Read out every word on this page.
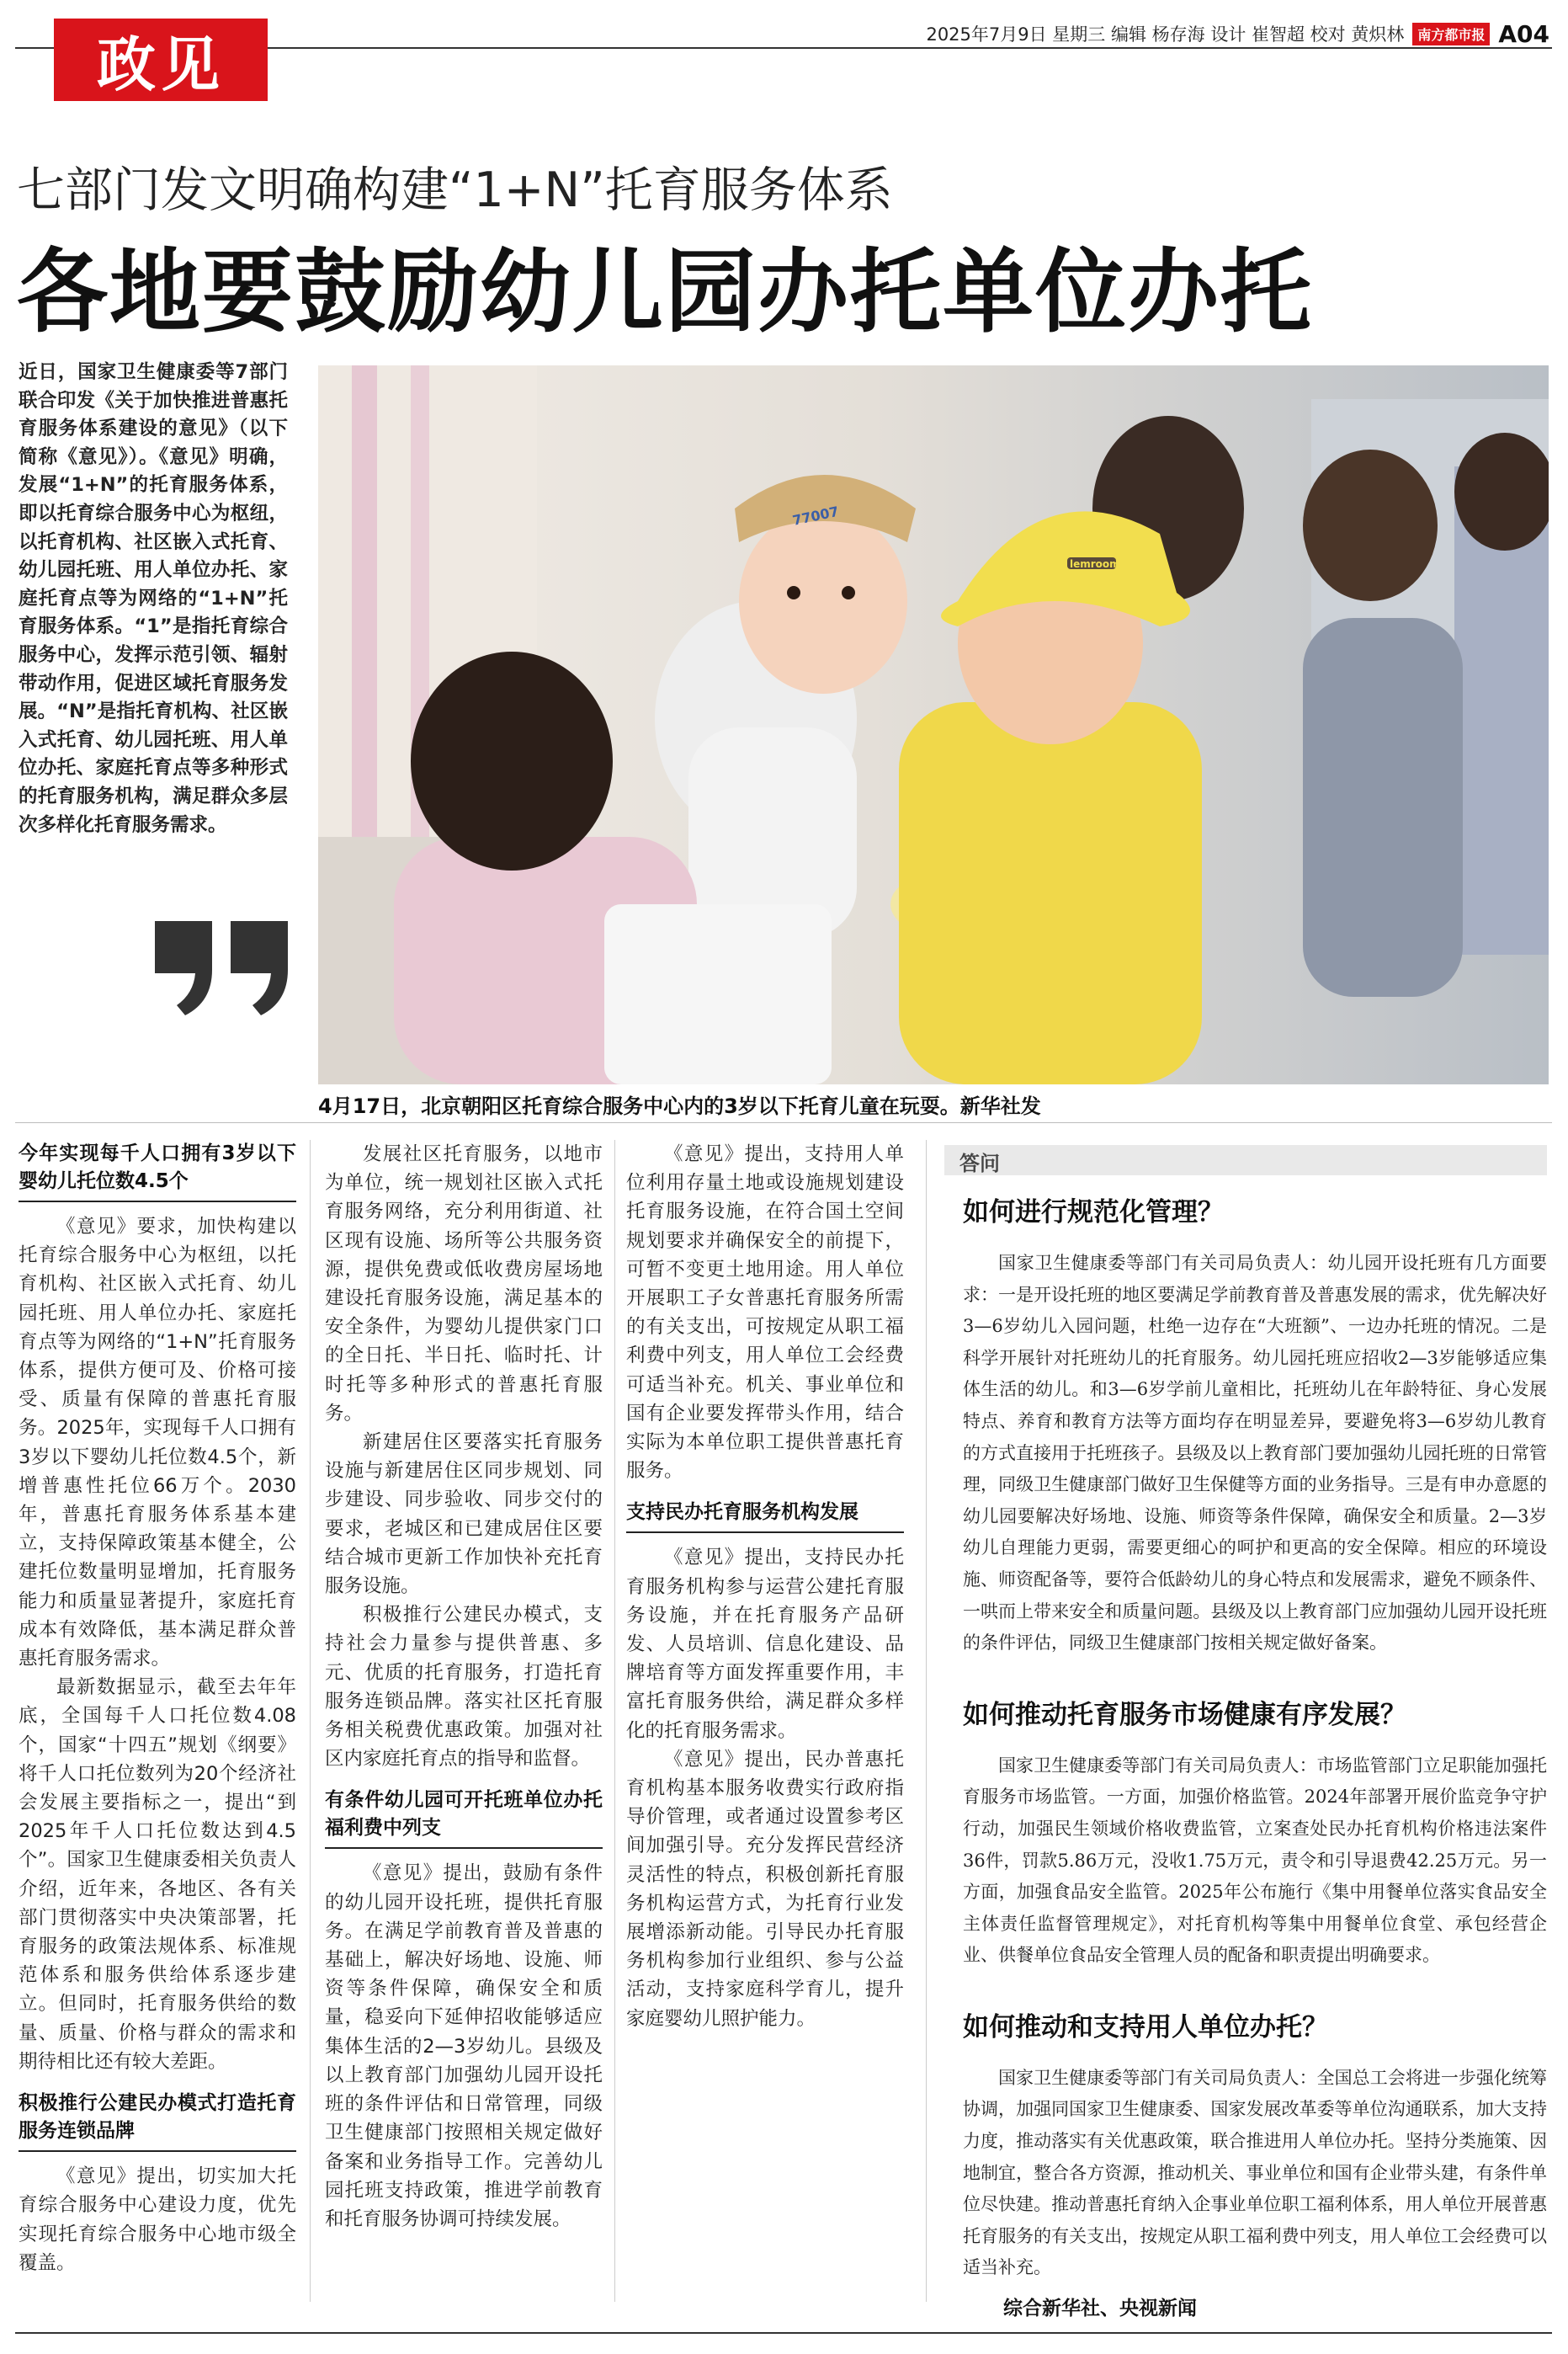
政见	2025年7月9日 星期三 编辑 杨存海 设计 崔智超 校对 黄炽林	南方都市报 A04
七部门发文明确构建“1+N”托育服务体系
各地要鼓励幼儿园办托单位办托
近日，国家卫生健康委等7部门联合印发《关于加快推进普惠托育服务体系建设的意见》（以下简称《意见》）。《意见》明确，发展“1+N”的托育服务体系，即以托育综合服务中心为枢纽，以托育机构、社区嵌入式托育、幼儿园托班、用人单位办托、家庭托育点等为网络的“1+N”托育服务体系。“1”是指托育综合服务中心，发挥示范引领、辐射带动作用，促进区域托育服务发展。“N”是指托育机构、社区嵌入式托育、幼儿园托班、用人单位办托、家庭托育点等多种形式的托育服务机构，满足群众多层次多样化托育服务需求。
77007
lemroom
4月17日，北京朝阳区托育综合服务中心内的3岁以下托育儿童在玩耍。新华社发
今年实现每千人口拥有3岁以下婴幼儿托位数4.5个

《意见》要求，加快构建以托育综合服务中心为枢纽，以托育机构、社区嵌入式托育、幼儿园托班、用人单位办托、家庭托育点等为网络的“1+N”托育服务体系，提供方便可及、价格可接受、质量有保障的普惠托育服务。2025年，实现每千人口拥有3岁以下婴幼儿托位数4.5个，新增普惠性托位66万个。2030年，普惠托育服务体系基本建立，支持保障政策基本健全，公建托位数量明显增加，托育服务能力和质量显著提升，家庭托育成本有效降低，基本满足群众普惠托育服务需求。

最新数据显示，截至去年年底，全国每千人口托位数4.08个，国家“十四五”规划《纲要》将千人口托位数列为20个经济社会发展主要指标之一，提出“到2025年千人口托位数达到4.5个”。国家卫生健康委相关负责人介绍，近年来，各地区、各有关部门贯彻落实中央决策部署，托育服务的政策法规体系、标准规范体系和服务供给体系逐步建立。但同时，托育服务供给的数量、质量、价格与群众的需求和期待相比还有较大差距。

积极推行公建民办模式打造托育服务连锁品牌

《意见》提出，切实加大托育综合服务中心建设力度，优先实现托育综合服务中心地市级全覆盖。

发展社区托育服务，以地市为单位，统一规划社区嵌入式托育服务网络，充分利用街道、社区现有设施、场所等公共服务资源，提供免费或低收费房屋场地建设托育服务设施，满足基本的安全条件，为婴幼儿提供家门口的全日托、半日托、临时托、计时托等多种形式的普惠托育服务。

新建居住区要落实托育服务设施与新建居住区同步规划、同步建设、同步验收、同步交付的要求，老城区和已建成居住区要结合城市更新工作加快补充托育服务设施。

积极推行公建民办模式，支持社会力量参与提供普惠、多元、优质的托育服务，打造托育服务连锁品牌。落实社区托育服务相关税费优惠政策。加强对社区内家庭托育点的指导和监督。

有条件幼儿园可开托班单位办托福利费中列支

《意见》提出，鼓励有条件的幼儿园开设托班，提供托育服务。在满足学前教育普及普惠的基础上，解决好场地、设施、师资等条件保障，确保安全和质量，稳妥向下延伸招收能够适应集体生活的2—3岁幼儿。县级及以上教育部门加强幼儿园开设托班的条件评估和日常管理，同级卫生健康部门按照相关规定做好备案和业务指导工作。完善幼儿园托班支持政策，推进学前教育和托育服务协调可持续发展。

《意见》提出，支持用人单位利用存量土地或设施规划建设托育服务设施，在符合国土空间规划要求并确保安全的前提下，可暂不变更土地用途。用人单位开展职工子女普惠托育服务所需的有关支出，可按规定从职工福利费中列支，用人单位工会经费可适当补充。机关、事业单位和国有企业要发挥带头作用，结合实际为本单位职工提供普惠托育服务。

支持民办托育服务机构发展

《意见》提出，支持民办托育服务机构参与运营公建托育服务设施，并在托育服务产品研发、人员培训、信息化建设、品牌培育等方面发挥重要作用，丰富托育服务供给，满足群众多样化的托育服务需求。

《意见》提出，民办普惠托育机构基本服务收费实行政府指导价管理，或者通过设置参考区间加强引导。充分发挥民营经济灵活性的特点，积极创新托育服务机构运营方式，为托育行业发展增添新动能。引导民办托育服务机构参加行业组织、参与公益活动，支持家庭科学育儿，提升家庭婴幼儿照护能力。

答问
如何进行规范化管理？
国家卫生健康委等部门有关司局负责人：幼儿园开设托班有几方面要求：一是开设托班的地区要满足学前教育普及普惠发展的需求，优先解决好3—6岁幼儿入园问题，杜绝一边存在“大班额”、一边办托班的情况。二是科学开展针对托班幼儿的托育服务。幼儿园托班应招收2—3岁能够适应集体生活的幼儿。和3—6岁学前儿童相比，托班幼儿在年龄特征、身心发展特点、养育和教育方法等方面均存在明显差异，要避免将3—6岁幼儿教育的方式直接用于托班孩子。县级及以上教育部门要加强幼儿园托班的日常管理，同级卫生健康部门做好卫生保健等方面的业务指导。三是有申办意愿的幼儿园要解决好场地、设施、师资等条件保障，确保安全和质量。2—3岁幼儿自理能力更弱，需要更细心的呵护和更高的安全保障。相应的环境设施、师资配备等，要符合低龄幼儿的身心特点和发展需求，避免不顾条件、一哄而上带来安全和质量问题。县级及以上教育部门应加强幼儿园开设托班的条件评估，同级卫生健康部门按相关规定做好备案。
如何推动托育服务市场健康有序发展？
国家卫生健康委等部门有关司局负责人：市场监管部门立足职能加强托育服务市场监管。一方面，加强价格监管。2024年部署开展价监竞争守护行动，加强民生领域价格收费监管，立案查处民办托育机构价格违法案件36件，罚款5.86万元，没收1.75万元，责令和引导退费42.25万元。另一方面，加强食品安全监管。2025年公布施行《集中用餐单位落实食品安全主体责任监督管理规定》，对托育机构等集中用餐单位食堂、承包经营企业、供餐单位食品安全管理人员的配备和职责提出明确要求。
如何推动和支持用人单位办托？
国家卫生健康委等部门有关司局负责人：全国总工会将进一步强化统筹协调，加强同国家卫生健康委、国家发展改革委等单位沟通联系，加大支持力度，推动落实有关优惠政策，联合推进用人单位办托。坚持分类施策、因地制宜，整合各方资源，推动机关、事业单位和国有企业带头建，有条件单位尽快建。推动普惠托育纳入企事业单位职工福利体系，用人单位开展普惠托育服务的有关支出，按规定从职工福利费中列支，用人单位工会经费可以适当补充。
综合新华社、央视新闻
